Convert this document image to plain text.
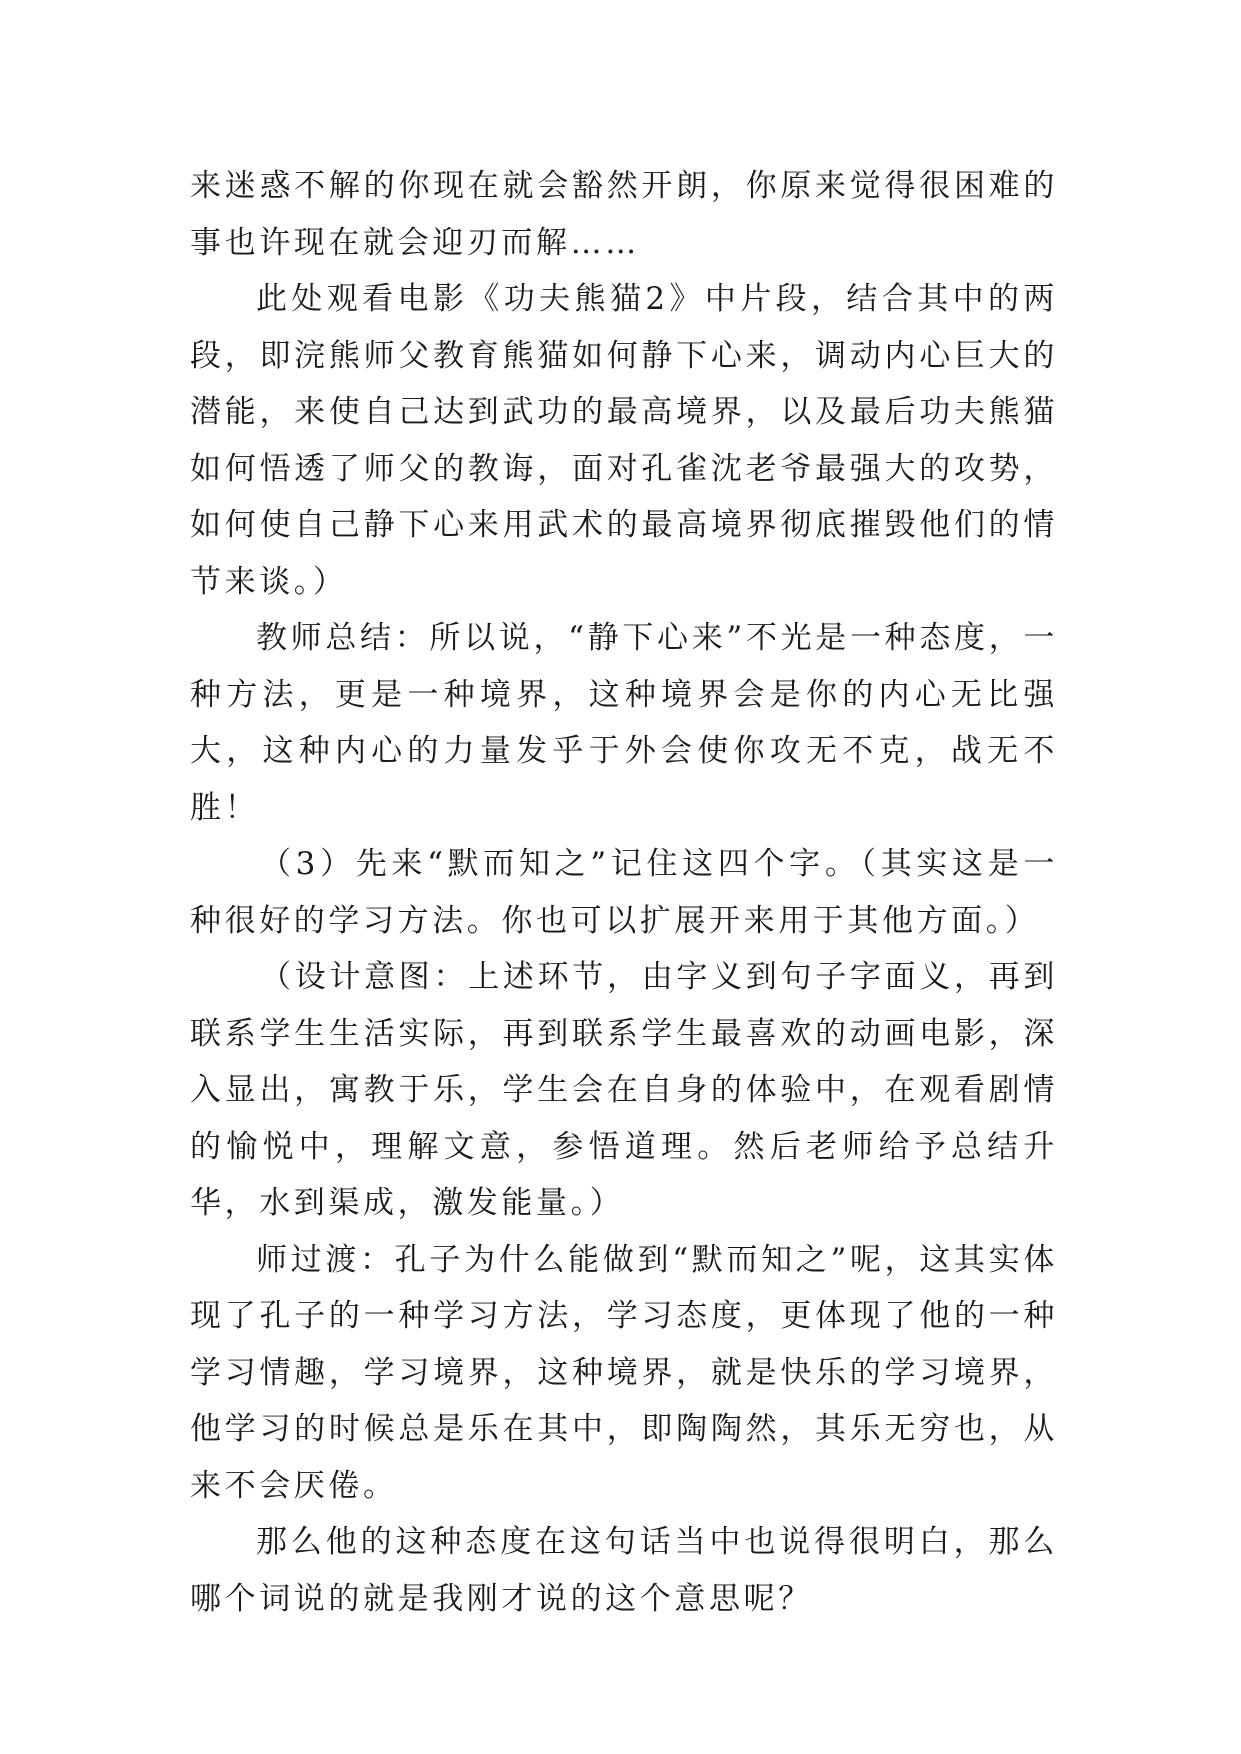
来迷惑不解的你现在就会豁然开朗，你原来觉得很困难的事也许现在就会迎刃而解……

此处观看电影《功夫熊猫2》中片段，结合其中的两段，即浣熊师父教育熊猫如何静下心来，调动内心巨大的潜能，来使自己达到武功的最高境界，以及最后功夫熊猫如何悟透了师父的教诲，面对孔雀沈老爷最强大的攻势，如何使自己静下心来用武术的最高境界彻底摧毁他们的情节来谈。）

教师总结：所以说，“静下心来”不光是一种态度，一种方法，更是一种境界，这种境界会是你的内心无比强大，这种内心的力量发乎于外会使你攻无不克，战无不胜！

（3）先来“默而知之”记住这四个字。（其实这是一种很好的学习方法。你也可以扩展开来用于其他方面。）

（设计意图：上述环节，由字义到句子字面义，再到联系学生生活实际，再到联系学生最喜欢的动画电影，深入显出，寓教于乐，学生会在自身的体验中，在观看剧情的愉悦中，理解文意，参悟道理。然后老师给予总结升华，水到渠成，激发能量。）

师过渡：孔子为什么能做到“默而知之”呢，这其实体现了孔子的一种学习方法，学习态度，更体现了他的一种学习情趣，学习境界，这种境界，就是快乐的学习境界，他学习的时候总是乐在其中，即陶陶然，其乐无穷也，从来不会厌倦。

那么他的这种态度在这句话当中也说得很明白，那么哪个词说的就是我刚才说的这个意思呢？
